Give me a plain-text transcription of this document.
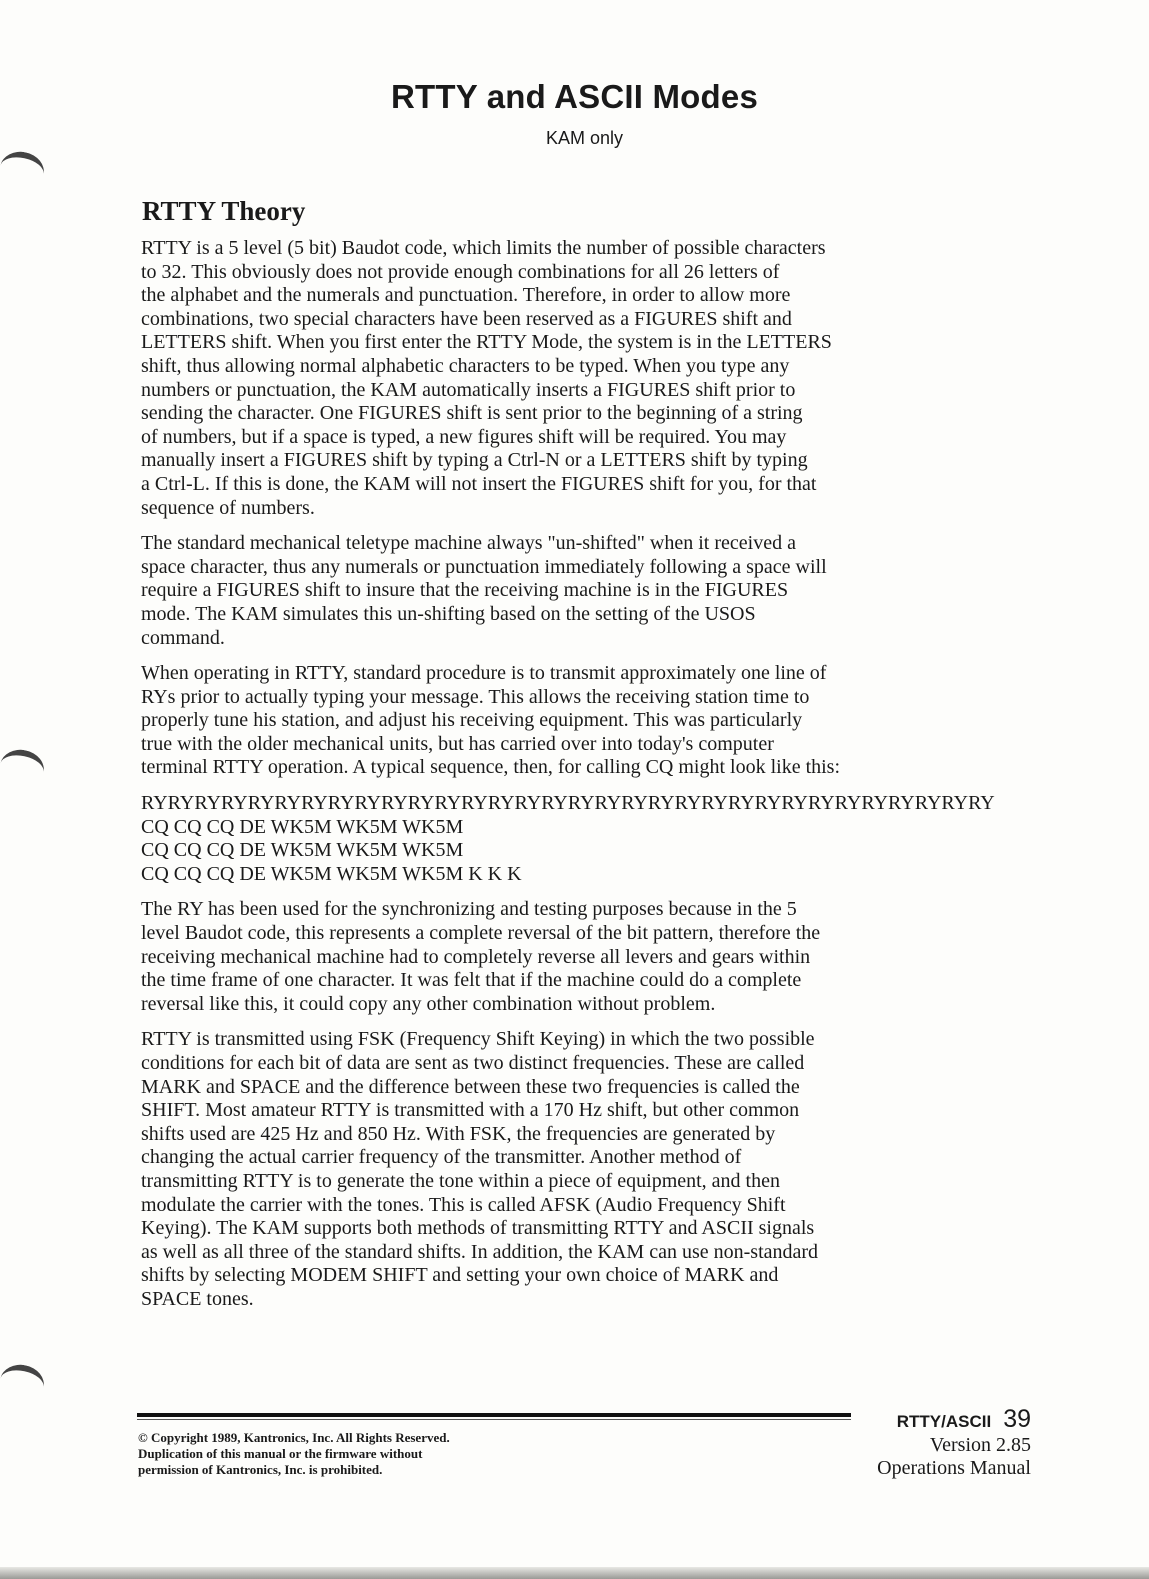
RTTY and ASCII Modes
KAM only
RTTY Theory

RTTY is a 5 level (5 bit) Baudot code, which limits the number of possible characters
to 32. This obviously does not provide enough combinations for all 26 letters of
the alphabet and the numerals and punctuation. Therefore, in order to allow more
combinations, two special characters have been reserved as a FIGURES shift and
LETTERS shift. When you first enter the RTTY Mode, the system is in the LETTERS
shift, thus allowing normal alphabetic characters to be typed. When you type any
numbers or punctuation, the KAM automatically inserts a FIGURES shift prior to
sending the character. One FIGURES shift is sent prior to the beginning of a string
of numbers, but if a space is typed, a new figures shift will be required. You may
manually insert a FIGURES shift by typing a Ctrl-N or a LETTERS shift by typing
a Ctrl-L. If this is done, the KAM will not insert the FIGURES shift for you, for that
sequence of numbers.

The standard mechanical teletype machine always "un-shifted" when it received a
space character, thus any numerals or punctuation immediately following a space will
require a FIGURES shift to insure that the receiving machine is in the FIGURES
mode. The KAM simulates this un-shifting based on the setting of the USOS
command.

When operating in RTTY, standard procedure is to transmit approximately one line of
RYs prior to actually typing your message. This allows the receiving station time to
properly tune his station, and adjust his receiving equipment. This was particularly
true with the older mechanical units, but has carried over into today's computer
terminal RTTY operation. A typical sequence, then, for calling CQ might look like this:

RYRYRYRYRYRYRYRYRYRYRYRYRYRYRYRYRYRYRYRYRYRYRYRYRYRYRYRYRYRYRYRY
CQ CQ CQ DE WK5M WK5M WK5M
CQ CQ CQ DE WK5M WK5M WK5M
CQ CQ CQ DE WK5M WK5M WK5M K K K

The RY has been used for the synchronizing and testing purposes because in the 5
level Baudot code, this represents a complete reversal of the bit pattern, therefore the
receiving mechanical machine had to completely reverse all levers and gears within
the time frame of one character. It was felt that if the machine could do a complete
reversal like this, it could copy any other combination without problem.

RTTY is transmitted using FSK (Frequency Shift Keying) in which the two possible
conditions for each bit of data are sent as two distinct frequencies. These are called
MARK and SPACE and the difference between these two frequencies is called the
SHIFT. Most amateur RTTY is transmitted with a 170 Hz shift, but other common
shifts used are 425 Hz and 850 Hz. With FSK, the frequencies are generated by
changing the actual carrier frequency of the transmitter. Another method of
transmitting RTTY is to generate the tone within a piece of equipment, and then
modulate the carrier with the tones. This is called AFSK (Audio Frequency Shift
Keying). The KAM supports both methods of transmitting RTTY and ASCII signals
as well as all three of the standard shifts. In addition, the KAM can use non-standard
shifts by selecting MODEM SHIFT and setting your own choice of MARK and
SPACE tones.

© Copyright 1989, Kantronics, Inc. All Rights Reserved.
Duplication of this manual or the firmware without
permission of Kantronics, Inc. is prohibited.
RTTY/ASCII 39
Version 2.85
Operations Manual
